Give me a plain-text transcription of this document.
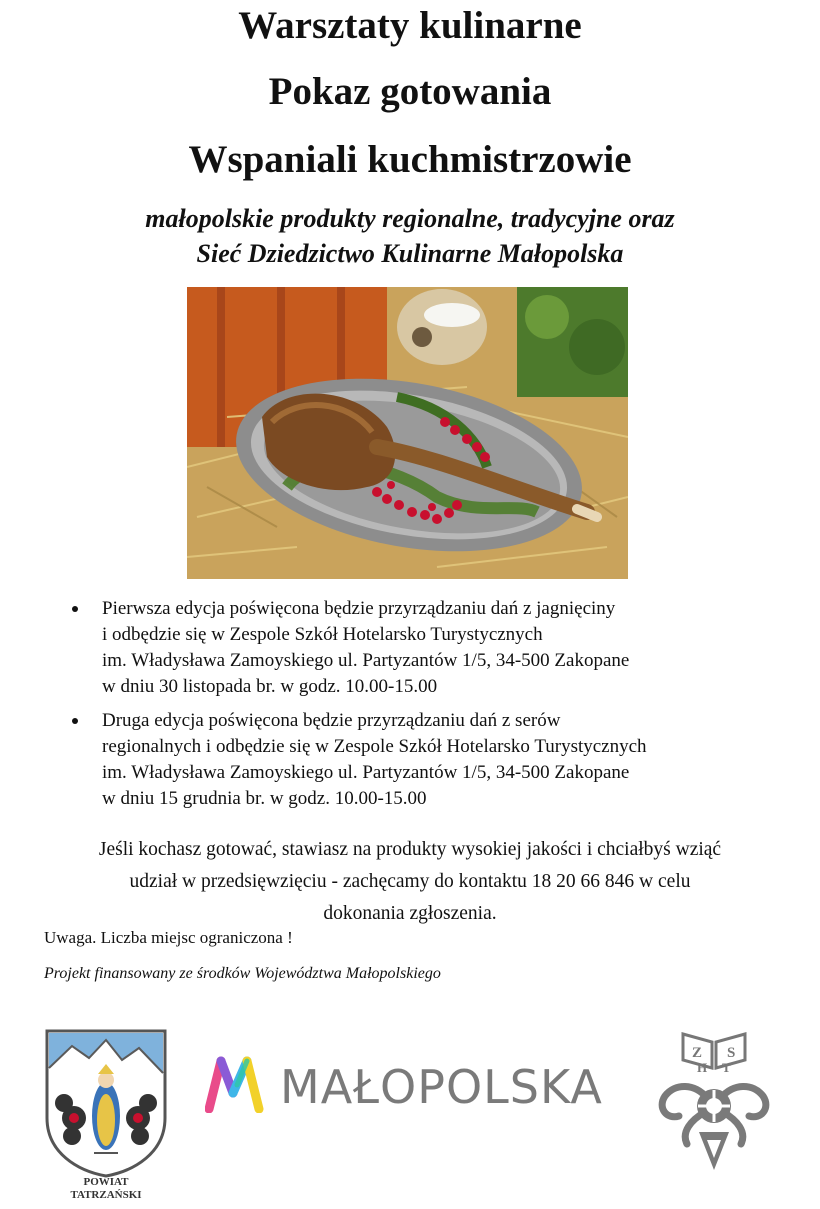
Warsztaty kulinarne
Pokaz gotowania
Wspaniali kuchmistrzowie
małopolskie produkty regionalne, tradycyjne oraz
Sieć Dziedzictwo Kulinarne Małopolska
Pierwsza edycja poświęcona będzie przyrządzaniu dań z jagnięciny
i odbędzie się w Zespole Szkół Hotelarsko Turystycznych
im. Władysława Zamoyskiego ul. Partyzantów 1/5, 34-500 Zakopane
w dniu 30 listopada br. w godz. 10.00-15.00
Druga edycja poświęcona będzie przyrządzaniu dań z serów
regionalnych i odbędzie się w Zespole Szkół Hotelarsko Turystycznych
im. Władysława Zamoyskiego ul. Partyzantów 1/5, 34-500 Zakopane
w dniu 15 grudnia br. w godz. 10.00-15.00
Jeśli kochasz gotować, stawiasz na produkty wysokiej jakości i chciałbyś wziąć
udział w przedsięwzięciu - zachęcamy do kontaktu 18 20 66 846 w celu
dokonania zgłoszenia.
Uwaga. Liczba miejsc ograniczona !
Projekt finansowany ze środków Województwa Małopolskiego
POWIAT
TATRZAŃSKI
MAŁOPOLSKA
Z S
H T
